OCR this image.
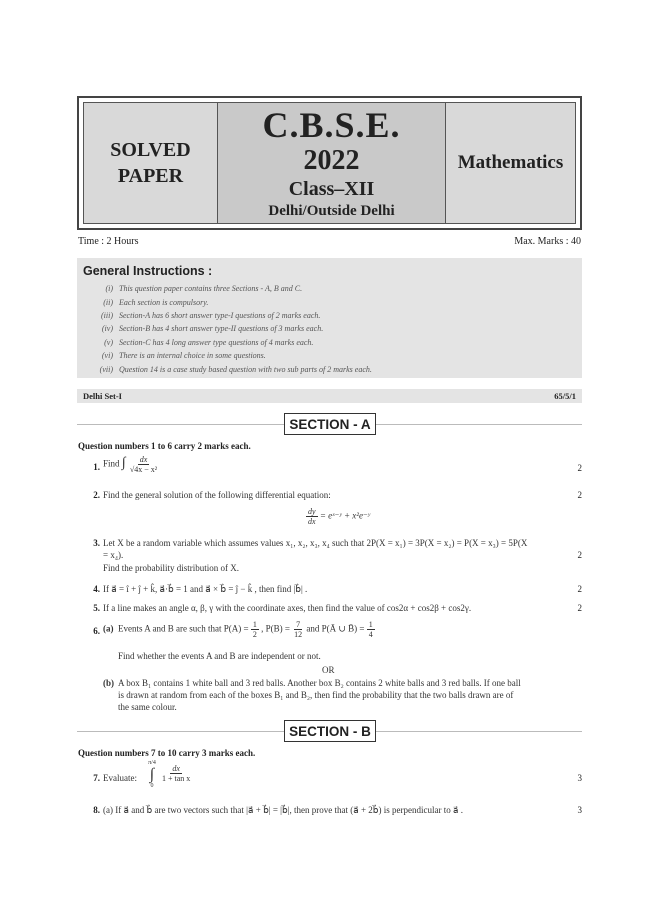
SOLVED
PAPER
C.B.S.E.
2022
Class–XII
Delhi/Outside Delhi
Mathematics
Time : 2 Hours	Max. Marks : 40
General Instructions :
(i) This question paper contains three Sections - A, B and C.
(ii) Each section is compulsory.
(iii) Section-A has 6 short answer type-I questions of 2 marks each.
(iv) Section-B has 4 short answer type-II questions of 3 marks each.
(v) Section-C has 4 long answer type questions of 4 marks each.
(vi) There is an internal choice in some questions.
(vii) Question 14 is a case study based question with two sub parts of 2 marks each.
Delhi Set-I	65/5/1
SECTION - A
Question numbers 1 to 6 carry 2 marks each.
1. Find ∫ $\frac{dx}{\text{√4x − x²}}$	2
2. Find the general solution of the following differential equation:	2
$\frac{dy}{dx}$ = eˣ⁻ʸ + x²e⁻ʸ
3. Let X be a random variable which assumes values x₁, x₂, x₃, x₄ such that 2P(X = x₁) = 3P(X = x₂) = P(X = x₃) = 5P(X
= x₄).	2
Find the probability distribution of X.
4. If a⃗ = î + ĵ + k̂, a⃗·b⃗ = 1 and a⃗ × b⃗ = ĵ − k̂ , then find |b⃗| .	2
5. If a line makes an angle α, β, γ with the coordinate axes, then find the value of cos2α + cos2β + cos2γ.	2
6. (a) Events A and B are such that $P(A) = \frac{1}{2}$ , $P(B) = \frac{7}{12}$ and P(Ā ∪ B̄) = $\frac{1}{4}$
Find whether the events A and B are independent or not.
OR
(b) A box B₁ contains 1 white ball and 3 red balls. Another box B₂ contains 2 white balls and 3 red balls. If one ball
is drawn at random from each of the boxes B₁ and B₂, then find the probability that the two balls drawn are of
the same colour.
SECTION - B
Question numbers 7 to 10 carry 3 marks each.
7. Evaluate:
π/4
∫
0
$\frac{dx}{\text{1 + tan x}}$	3
8. (a) If a⃗ and b⃗ are two vectors such that |a⃗ + b⃗| = |b⃗|, then prove that (a⃗ + 2b⃗) is perpendicular to a⃗ .	3
